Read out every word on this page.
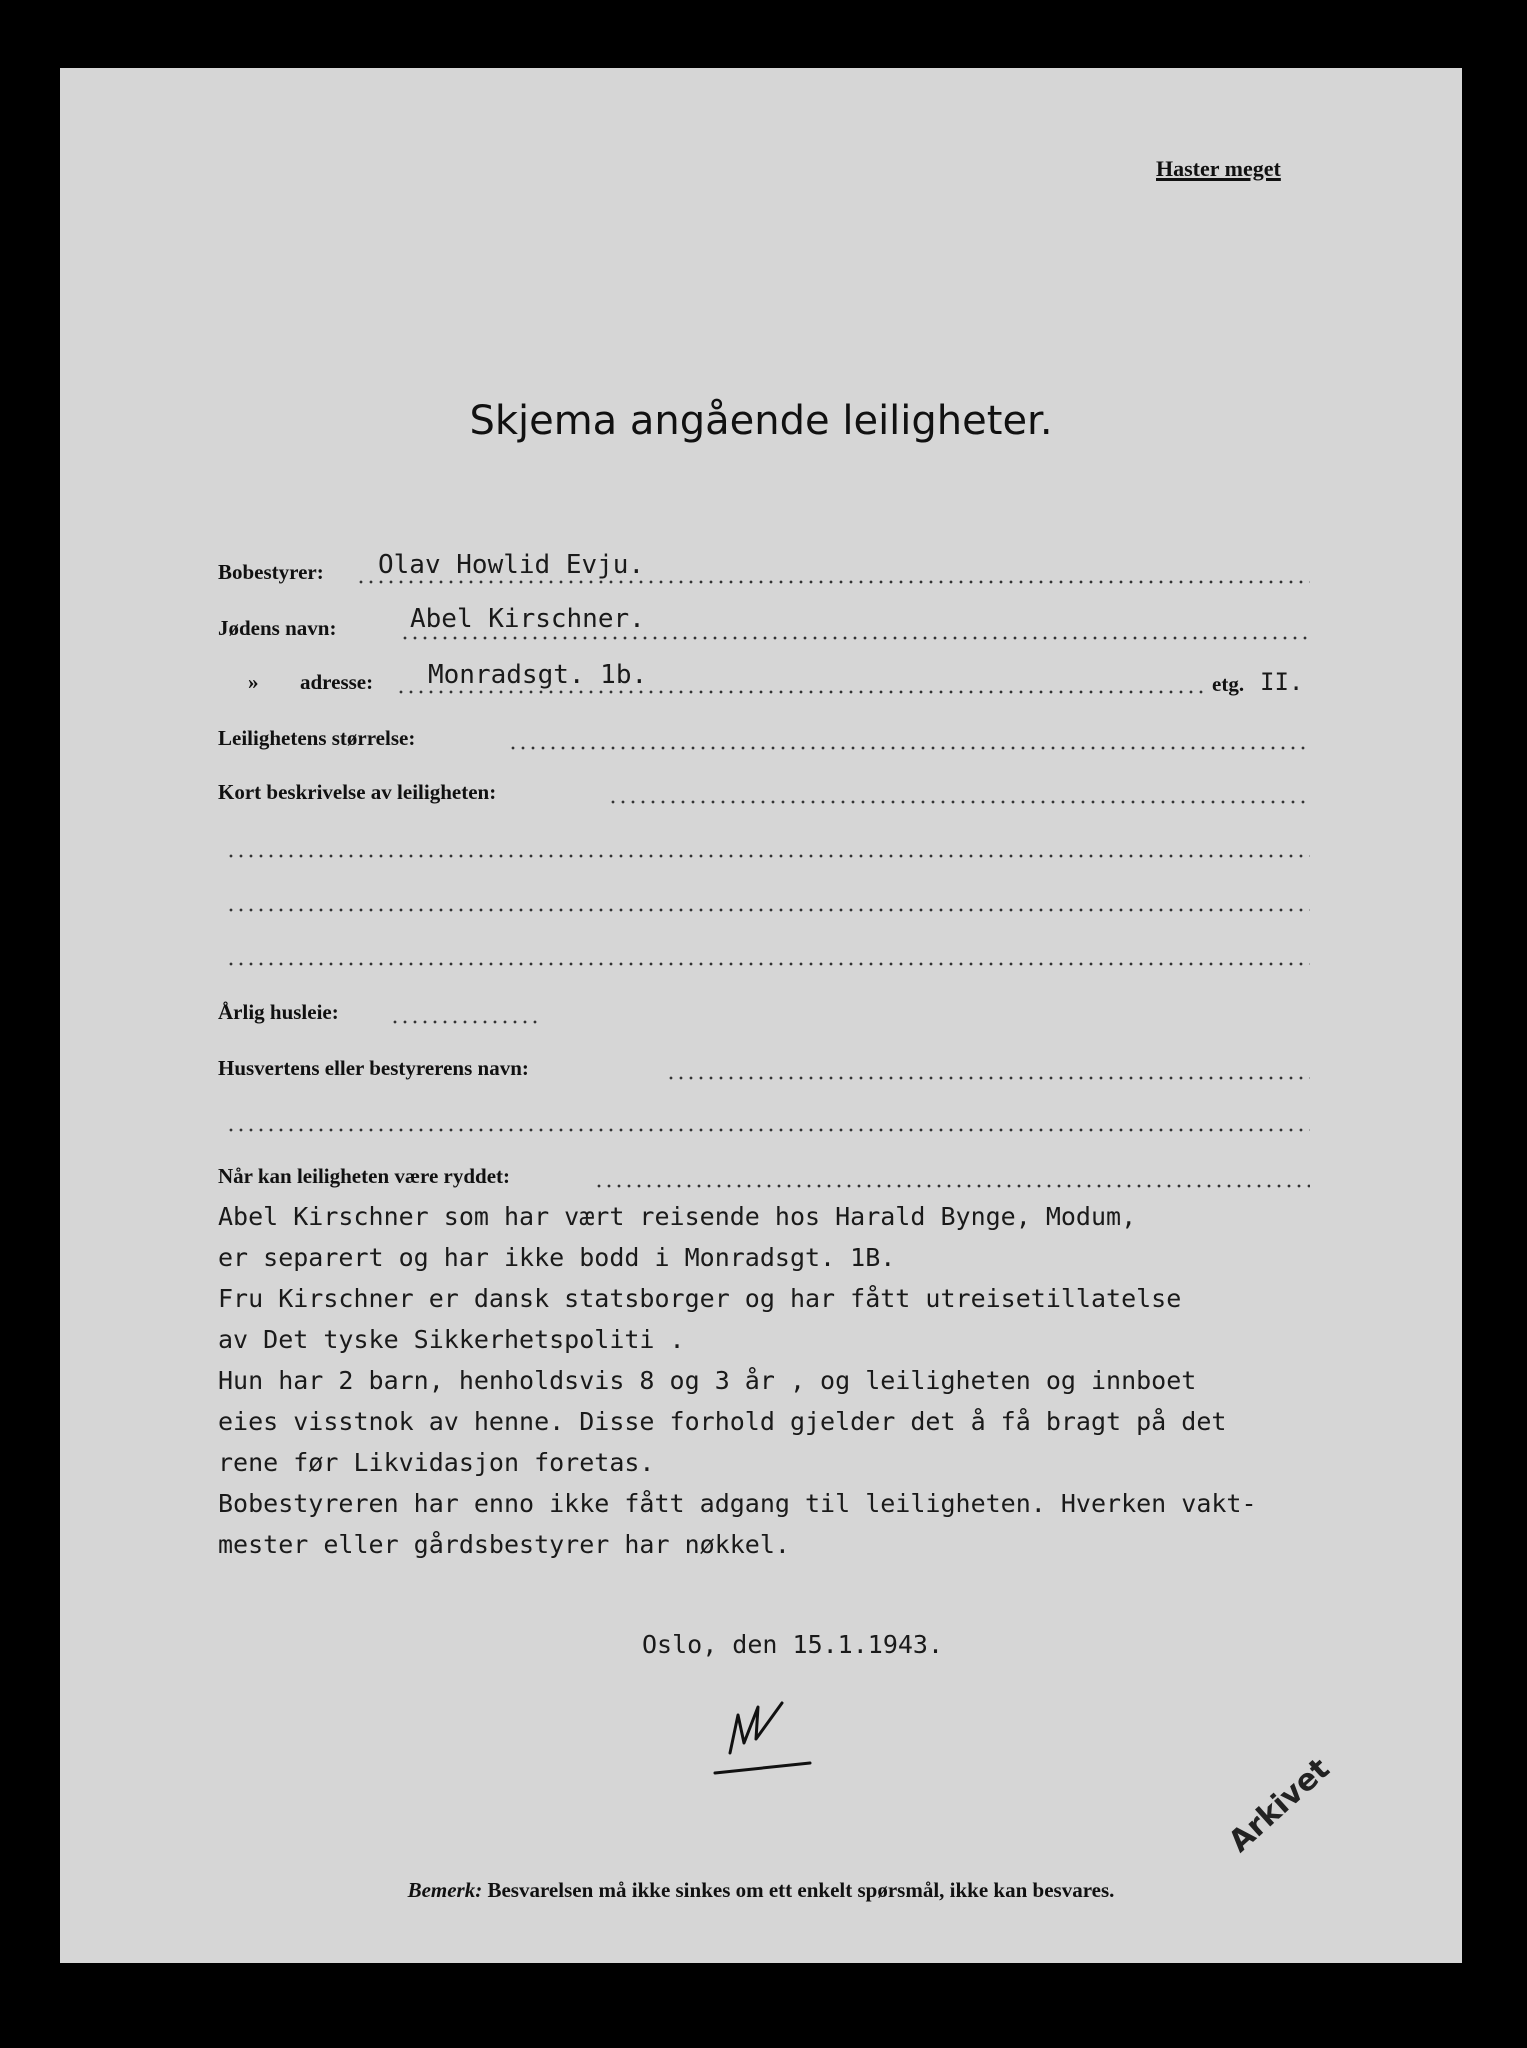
Haster meget
Skjema angående leiligheter.
Bobestyrer: Olav Howlid Evju.
Jødens navn:	Abel Kirschner.
» adresse: Monradsgt. 1b.	etg. II.
Leilighetens størrelse:
Kort beskrivelse av leiligheten:
Årlig husleie:
Husvertens eller bestyrerens navn:
Når kan leiligheten være ryddet:
Abel Kirschner som har vært reisende hos Harald Bynge, Modum,
er separert og har ikke bodd i Monradsgt. 1B.
Fru Kirschner er dansk statsborger og har fått utreisetillatelse
av Det tyske Sikkerhetspoliti .
Hun har 2 barn, henholdsvis 8 og 3 år , og leiligheten og innboet
eies visstnok av henne. Disse forhold gjelder det å få bragt på det
rene før Likvidasjon foretas.
Bobestyreren har enno ikke fått adgang til leiligheten. Hverken vakt-
mester eller gårdsbestyrer har nøkkel.
Oslo, den 15.1.1943.
Arkivet
Bemerk: Besvarelsen må ikke sinkes om ett enkelt spørsmål, ikke kan besvares.
